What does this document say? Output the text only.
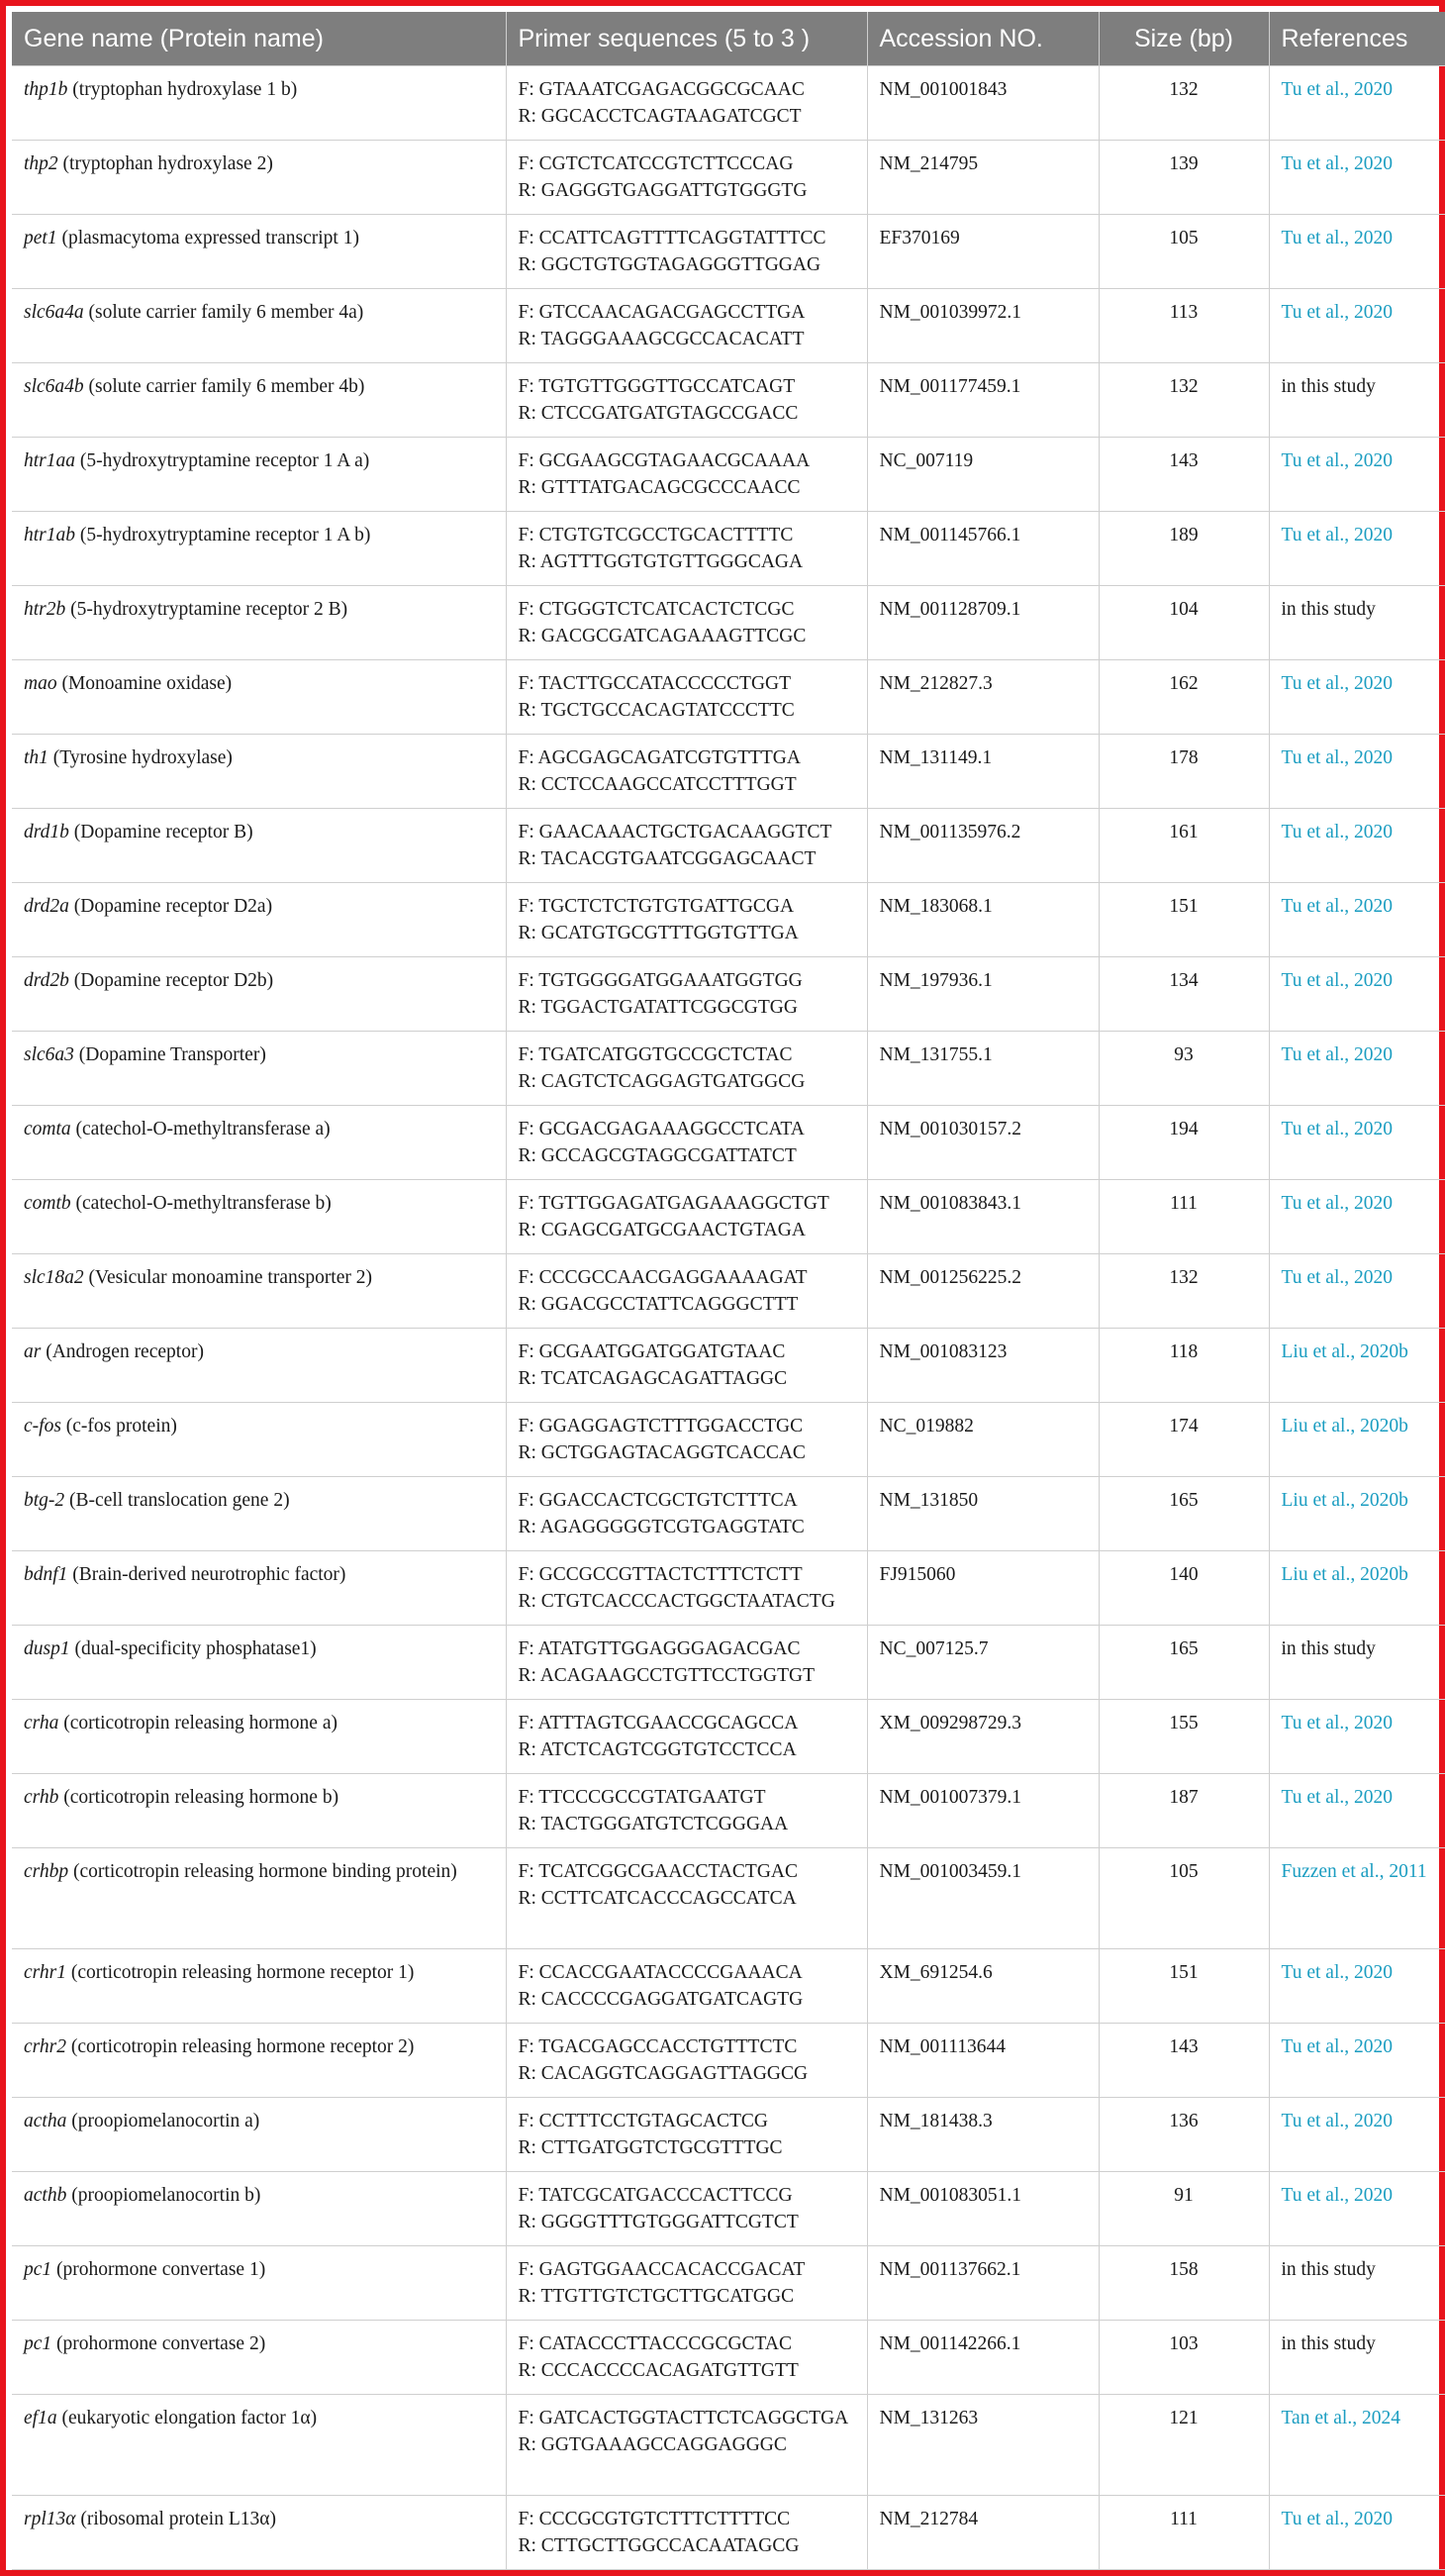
Gene name (Protein name)	Primer sequences (5 to 3 )	Accession NO.	Size (bp)	References
thp1b (tryptophan hydroxylase 1 b)	F: GTAAATCGAGACGGCGCAAC
R: GGCACCTCAGTAAGATCGCT	NM_001001843	132	Tu et al., 2020
thp2 (tryptophan hydroxylase 2)	F: CGTCTCATCCGTCTTCCCAG
R: GAGGGTGAGGATTGTGGGTG	NM_214795	139	Tu et al., 2020
pet1 (plasmacytoma expressed transcript 1)	F: CCATTCAGTTTTCAGGTATTTCC
R: GGCTGTGGTAGAGGGTTGGAG	EF370169	105	Tu et al., 2020
slc6a4a (solute carrier family 6 member 4a)	F: GTCCAACAGACGAGCCTTGA
R: TAGGGAAAGCGCCACACATT	NM_001039972.1	113	Tu et al., 2020
slc6a4b (solute carrier family 6 member 4b)	F: TGTGTTGGGTTGCCATCAGT
R: CTCCGATGATGTAGCCGACC	NM_001177459.1	132	in this study
htr1aa (5-hydroxytryptamine receptor 1 A a)	F: GCGAAGCGTAGAACGCAAAA
R: GTTTATGACAGCGCCCAACC	NC_007119	143	Tu et al., 2020
htr1ab (5-hydroxytryptamine receptor 1 A b)	F: CTGTGTCGCCTGCACTTTTC
R: AGTTTGGTGTGTTGGGCAGA	NM_001145766.1	189	Tu et al., 2020
htr2b (5-hydroxytryptamine receptor 2 B)	F: CTGGGTCTCATCACTCTCGC
R: GACGCGATCAGAAAGTTCGC	NM_001128709.1	104	in this study
mao (Monoamine oxidase)	F: TACTTGCCATACCCCCTGGT
R: TGCTGCCACAGTATCCCTTC	NM_212827.3	162	Tu et al., 2020
th1 (Tyrosine hydroxylase)	F: AGCGAGCAGATCGTGTTTGA
R: CCTCCAAGCCATCCTTTGGT	NM_131149.1	178	Tu et al., 2020
drd1b (Dopamine receptor B)	F: GAACAAACTGCTGACAAGGTCT
R: TACACGTGAATCGGAGCAACT	NM_001135976.2	161	Tu et al., 2020
drd2a (Dopamine receptor D2a)	F: TGCTCTCTGTGTGATTGCGA
R: GCATGTGCGTTTGGTGTTGA	NM_183068.1	151	Tu et al., 2020
drd2b (Dopamine receptor D2b)	F: TGTGGGGATGGAAATGGTGG
R: TGGACTGATATTCGGCGTGG	NM_197936.1	134	Tu et al., 2020
slc6a3 (Dopamine Transporter)	F: TGATCATGGTGCCGCTCTAC
R: CAGTCTCAGGAGTGATGGCG	NM_131755.1	93	Tu et al., 2020
comta (catechol-O-methyltransferase a)	F: GCGACGAGAAAGGCCTCATA
R: GCCAGCGTAGGCGATTATCT	NM_001030157.2	194	Tu et al., 2020
comtb (catechol-O-methyltransferase b)	F: TGTTGGAGATGAGAAAGGCTGT
R: CGAGCGATGCGAACTGTAGA	NM_001083843.1	111	Tu et al., 2020
slc18a2 (Vesicular monoamine transporter 2)	F: CCCGCCAACGAGGAAAAGAT
R: GGACGCCTATTCAGGGCTTT	NM_001256225.2	132	Tu et al., 2020
ar (Androgen receptor)	F: GCGAATGGATGGATGTAAC
R: TCATCAGAGCAGATTAGGC	NM_001083123	118	Liu et al., 2020b
c-fos (c-fos protein)	F: GGAGGAGTCTTTGGACCTGC
R: GCTGGAGTACAGGTCACCAC	NC_019882	174	Liu et al., 2020b
btg-2 (B-cell translocation gene 2)	F: GGACCACTCGCTGTCTTTCA
R: AGAGGGGGTCGTGAGGTATC	NM_131850	165	Liu et al., 2020b
bdnf1 (Brain-derived neurotrophic factor)	F: GCCGCCGTTACTCTTTCTCTT
R: CTGTCACCCACTGGCTAATACTG	FJ915060	140	Liu et al., 2020b
dusp1 (dual-specificity phosphatase1)	F: ATATGTTGGAGGGAGACGAC
R: ACAGAAGCCTGTTCCTGGTGT	NC_007125.7	165	in this study
crha (corticotropin releasing hormone a)	F: ATTTAGTCGAACCGCAGCCA
R: ATCTCAGTCGGTGTCCTCCA	XM_009298729.3	155	Tu et al., 2020
crhb (corticotropin releasing hormone b)	F: TTCCCGCCGTATGAATGT
R: TACTGGGATGTCTCGGGAA	NM_001007379.1	187	Tu et al., 2020
crhbp (corticotropin releasing hormone binding protein)	F: TCATCGGCGAACCTACTGAC
R: CCTTCATCACCCAGCCATCA	NM_001003459.1	105	Fuzzen et al., 2011
crhr1 (corticotropin releasing hormone receptor 1)	F: CCACCGAATACCCCGAAACA
R: CACCCCGAGGATGATCAGTG	XM_691254.6	151	Tu et al., 2020
crhr2 (corticotropin releasing hormone receptor 2)	F: TGACGAGCCACCTGTTTCTC
R: CACAGGTCAGGAGTTAGGCG	NM_001113644	143	Tu et al., 2020
actha (proopiomelanocortin a)	F: CCTTTCCTGTAGCACTCG
R: CTTGATGGTCTGCGTTTGC	NM_181438.3	136	Tu et al., 2020
acthb (proopiomelanocortin b)	F: TATCGCATGACCCACTTCCG
R: GGGGTTTGTGGGATTCGTCT	NM_001083051.1	91	Tu et al., 2020
pc1 (prohormone convertase 1)	F: GAGTGGAACCACACCGACAT
R: TTGTTGTCTGCTTGCATGGC	NM_001137662.1	158	in this study
pc1 (prohormone convertase 2)	F: CATACCCTTACCCGCGCTAC
R: CCCACCCCACAGATGTTGTT	NM_001142266.1	103	in this study
ef1a (eukaryotic elongation factor 1α)	F: GATCACTGGTACTTCTCAGGCTGA
R: GGTGAAAGCCAGGAGGGC	NM_131263	121	Tan et al., 2024
rpl13α (ribosomal protein L13α)	F: CCCGCGTGTCTTTCTTTTCC
R: CTTGCTTGGCCACAATAGCG	NM_212784	111	Tu et al., 2020
